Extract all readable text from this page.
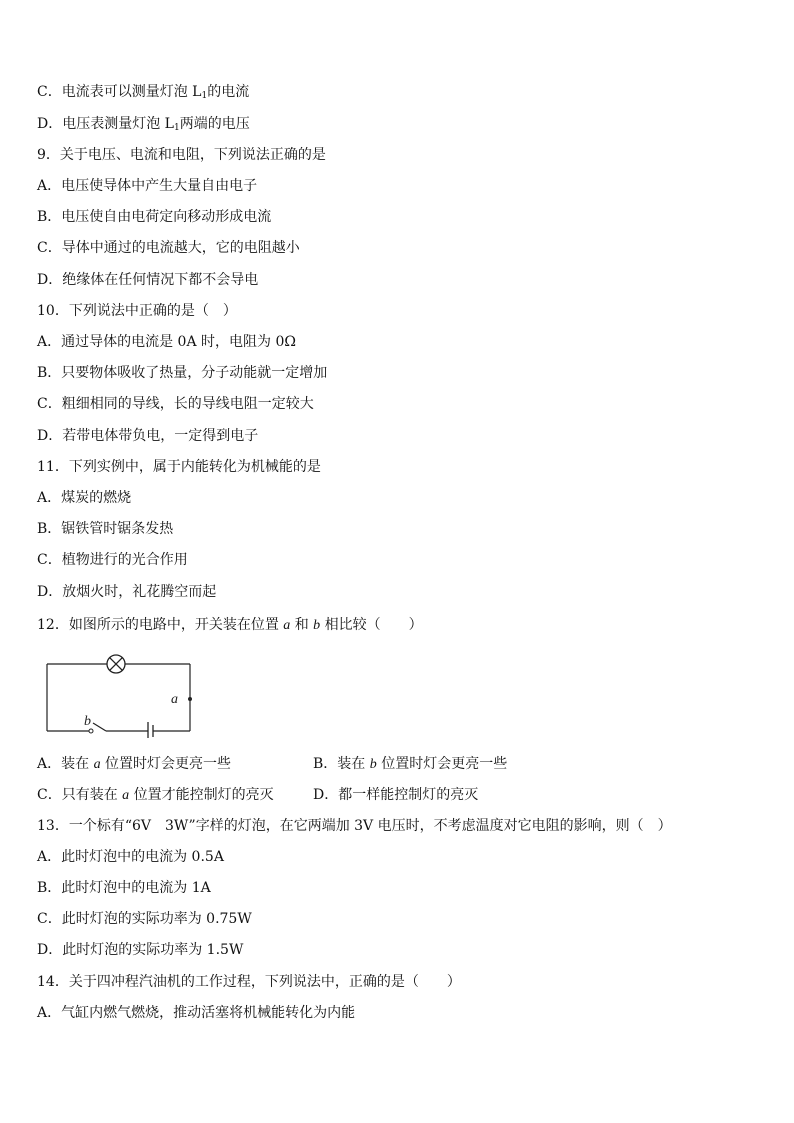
C．电流表可以测量灯泡 $L_1$的电流
D．电压表测量灯泡 $L_1$两端的电压
9．关于电压、电流和电阻，下列说法正确的是
A．电压使导体中产生大量自由电子
B．电压使自由电荷定向移动形成电流
C．导体中通过的电流越大，它的电阻越小
D．绝缘体在任何情况下都不会导电
10．下列说法中正确的是（　）
A．通过导体的电流是 0A 时，电阻为 0Ω
B．只要物体吸收了热量，分子动能就一定增加
C．粗细相同的导线，长的导线电阻一定较大
D．若带电体带负电，一定得到电子
11．下列实例中，属于内能转化为机械能的是
A．煤炭的燃烧
B．锯铁管时锯条发热
C．植物进行的光合作用
D．放烟火时，礼花腾空而起
12．如图所示的电路中，开关装在位置 a 和 b 相比较（　　）
a
b
A．装在 a 位置时灯会更亮一些	B．装在 b 位置时灯会更亮一些
C．只有装在 a 位置才能控制灯的亮灭	D．都一样能控制灯的亮灭
13．一个标有“6V　3W”字样的灯泡，在它两端加 3V 电压时，不考虑温度对它电阻的影响，则（　）
B．此时灯泡中的电流为 1A
A．此时灯泡中的电流为 0.5A
C．此时灯泡的实际功率为 0.75W
D．此时灯泡的实际功率为 1.5W
14．关于四冲程汽油机的工作过程，下列说法中，正确的是（　　）
A．气缸内燃气燃烧，推动活塞将机械能转化为内能
